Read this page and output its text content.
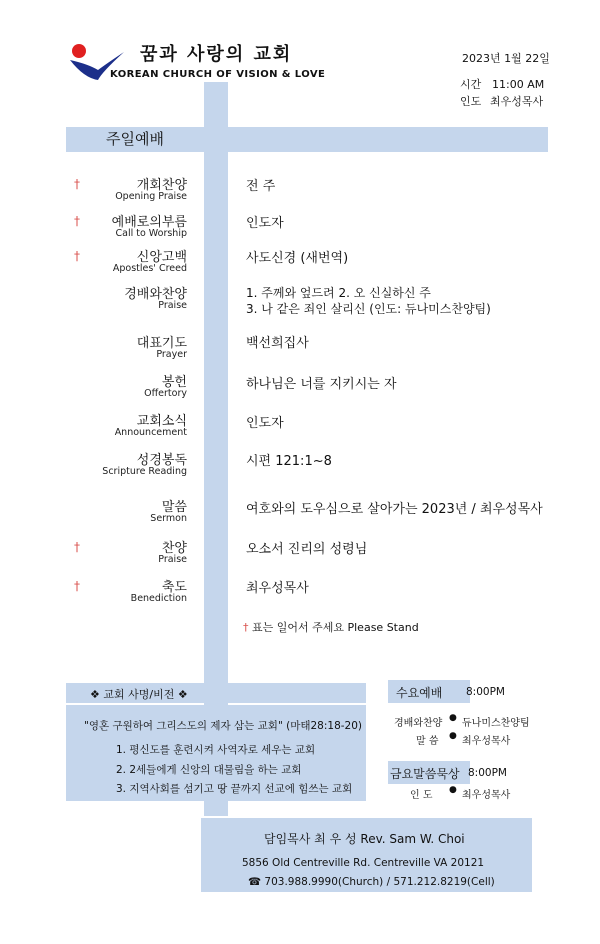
꿈과 사랑의 교회
KOREAN CHURCH OF VISION & LOVE
2023년 1월 22일
시간 11:00 AM
인도 최우성목사
주일예배
†	개회찬양
Opening Praise
전 주
† 예배로의부름
Call to Worship
인도자
†	신앙고백
Apostles' Creed
사도신경 (새번역)
경배와찬양
Praise
1. 주께와 엎드려 2. 오 신실하신 주
3. 나 같은 죄인 살리신 (인도: 듀나미스찬양팀)
대표기도
Prayer
백선희집사
봉헌
Offertory
하나님은 너를 지키시는 자
교회소식
Announcement
인도자
성경봉독
Scripture Reading
시편 121:1~8
말씀
Sermon
여호와의 도우심으로 살아가는 2023년 / 최우성목사
†	찬양
Praise
오소서 진리의 성령님
†	축도
Benediction
최우성목사
† 표는 일어서 주세요 Please Stand
❖ 교회 사명/비전 ❖
"영혼 구원하여 그리스도의 제자 삼는 교회" (마태28:18-20)
1. 평신도를 훈련시켜 사역자로 세우는 교회
2. 2세들에게 신앙의 대물림을 하는 교회
3. 지역사회를 섬기고 땅 끝까지 선교에 힘쓰는 교회
수요예배 8:00PM
경배와찬양 ● 듀나미스찬양팀
말 씀 ● 최우성목사
금요말씀묵상 8:00PM
인 도 ● 최우성목사
담임목사 최 우 성 Rev. Sam W. Choi
5856 Old Centreville Rd. Centreville VA 20121
☎ 703.988.9990(Church) / 571.212.8219(Cell)
